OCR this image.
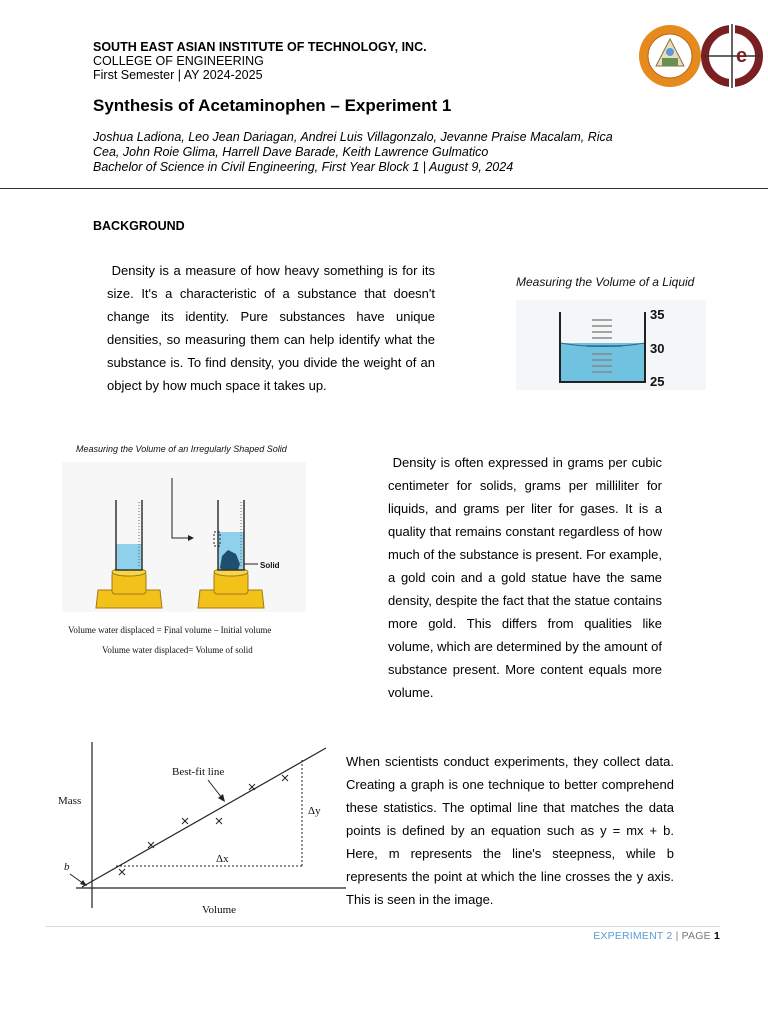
SOUTH EAST ASIAN INSTITUTE OF TECHNOLOGY, INC.
COLLEGE OF ENGINEERING
First Semester | AY 2024-2025
e
Synthesis of Acetaminophen – Experiment 1
Joshua Ladiona, Leo Jean Dariagan, Andrei Luis Villagonzalo, Jevanne Praise Macalam, Rica
Cea, John Roie Glima, Harrell Dave Barade, Keith Lawrence Gulmatico
Bachelor of Science in Civil Engineering, First Year Block 1 | August 9, 2024
BACKGROUND
Density is a measure of how heavy something is for its size. It's a characteristic of a substance that doesn't change its identity. Pure substances have unique densities, so measuring them can help identify what the substance is. To find density, you divide the weight of an object by how much space it takes up.
Measuring the Volume of a Liquid
35
30
25
Measuring the Volume of an Irregularly Shaped Solid
Solid
Volume water displaced = Final volume – Initial volume
Volume water displaced= Volume of solid
Density is often expressed in grams per cubic centimeter for solids, grams per milliliter for liquids, and grams per liter for gases. It is a quality that remains constant regardless of how much of the substance is present. For example, a gold coin and a gold statue have the same density, despite the fact that the statue contains more gold. This differs from qualities like volume, which are determined by the amount of substance present. More content equals more volume.
Mass
Volume
Best-fit line
b
Δx
Δy
When scientists conduct experiments, they collect data. Creating a graph is one technique to better comprehend these statistics. The optimal line that matches the data points is defined by an equation such as y = mx + b. Here, m represents the line's steepness, while b represents the point at which the line crosses the y axis. This is seen in the image.
EXPERIMENT 2 | PAGE 1
